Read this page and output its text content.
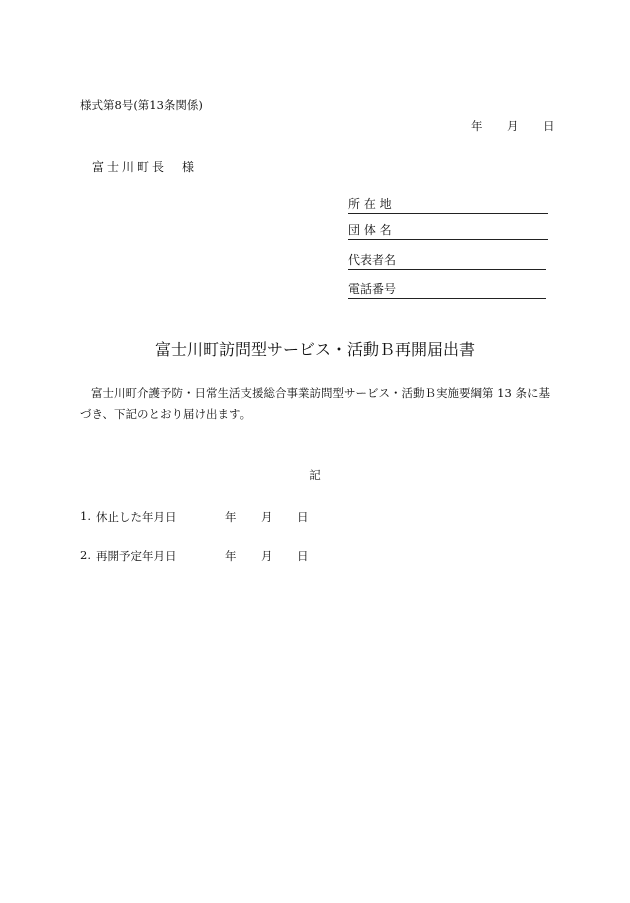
様式第8号(第13条関係)
年 月 日
富士川町長　様
所 在 地
団 体 名
代表者名
電話番号
富士川町訪問型サービス・活動Ｂ再開届出書
富士川町介護予防・日常生活支援総合事業訪問型サービス・活動Ｂ実施要綱第 13 条に基づき、下記のとおり届け出ます。
記
1. 休止した年月日	年 月 日
2. 再開予定年月日	年 月 日
